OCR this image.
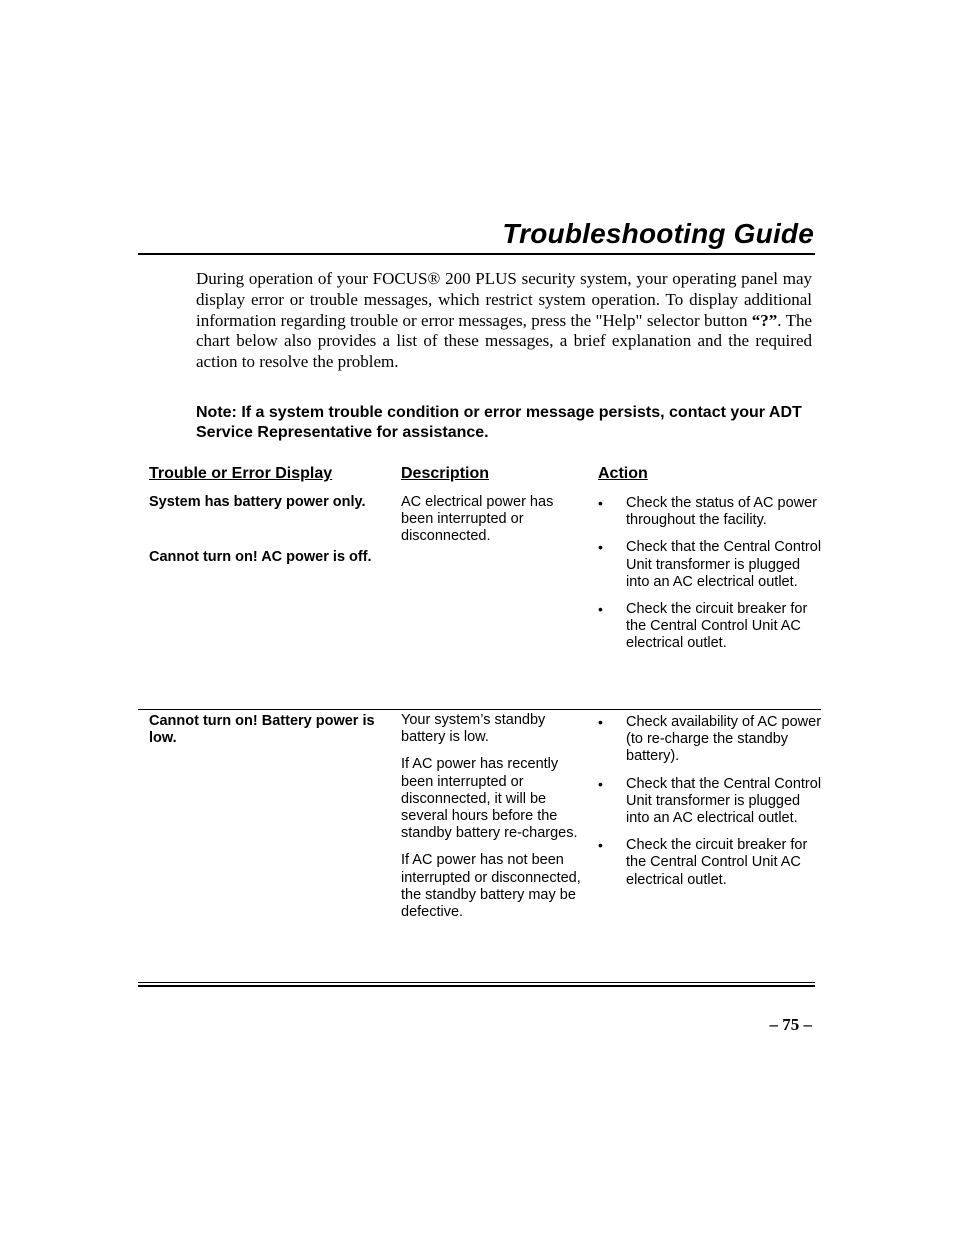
Troubleshooting Guide

During operation of your FOCUS® 200 PLUS security system, your operating panel may display error or trouble messages, which restrict system operation. To display additional information regarding trouble or error messages, press the "Help" selector button “?”. The chart below also provides a list of these messages, a brief explanation and the required action to resolve the problem.

Note: If a system trouble condition or error message persists, contact your ADT Service Representative for assistance.

Trouble or Error Display	Description	Action
System has battery power only.
Cannot turn on! AC power is off.

AC electrical power has been interrupted or disconnected.

• Check the status of AC power throughout the facility.
• Check that the Central Control Unit transformer is plugged into an AC electrical outlet.
• Check the circuit breaker for the Central Control Unit AC electrical outlet.
Cannot turn on! Battery power is low.

Your system’s standby battery is low.

If AC power has recently been interrupted or disconnected, it will be several hours before the standby battery re-charges.

If AC power has not been interrupted or disconnected, the standby battery may be defective.

• Check availability of AC power (to re-charge the standby battery).
• Check that the Central Control Unit transformer is plugged into an AC electrical outlet.
• Check the circuit breaker for the Central Control Unit AC electrical outlet.
– 75 –
